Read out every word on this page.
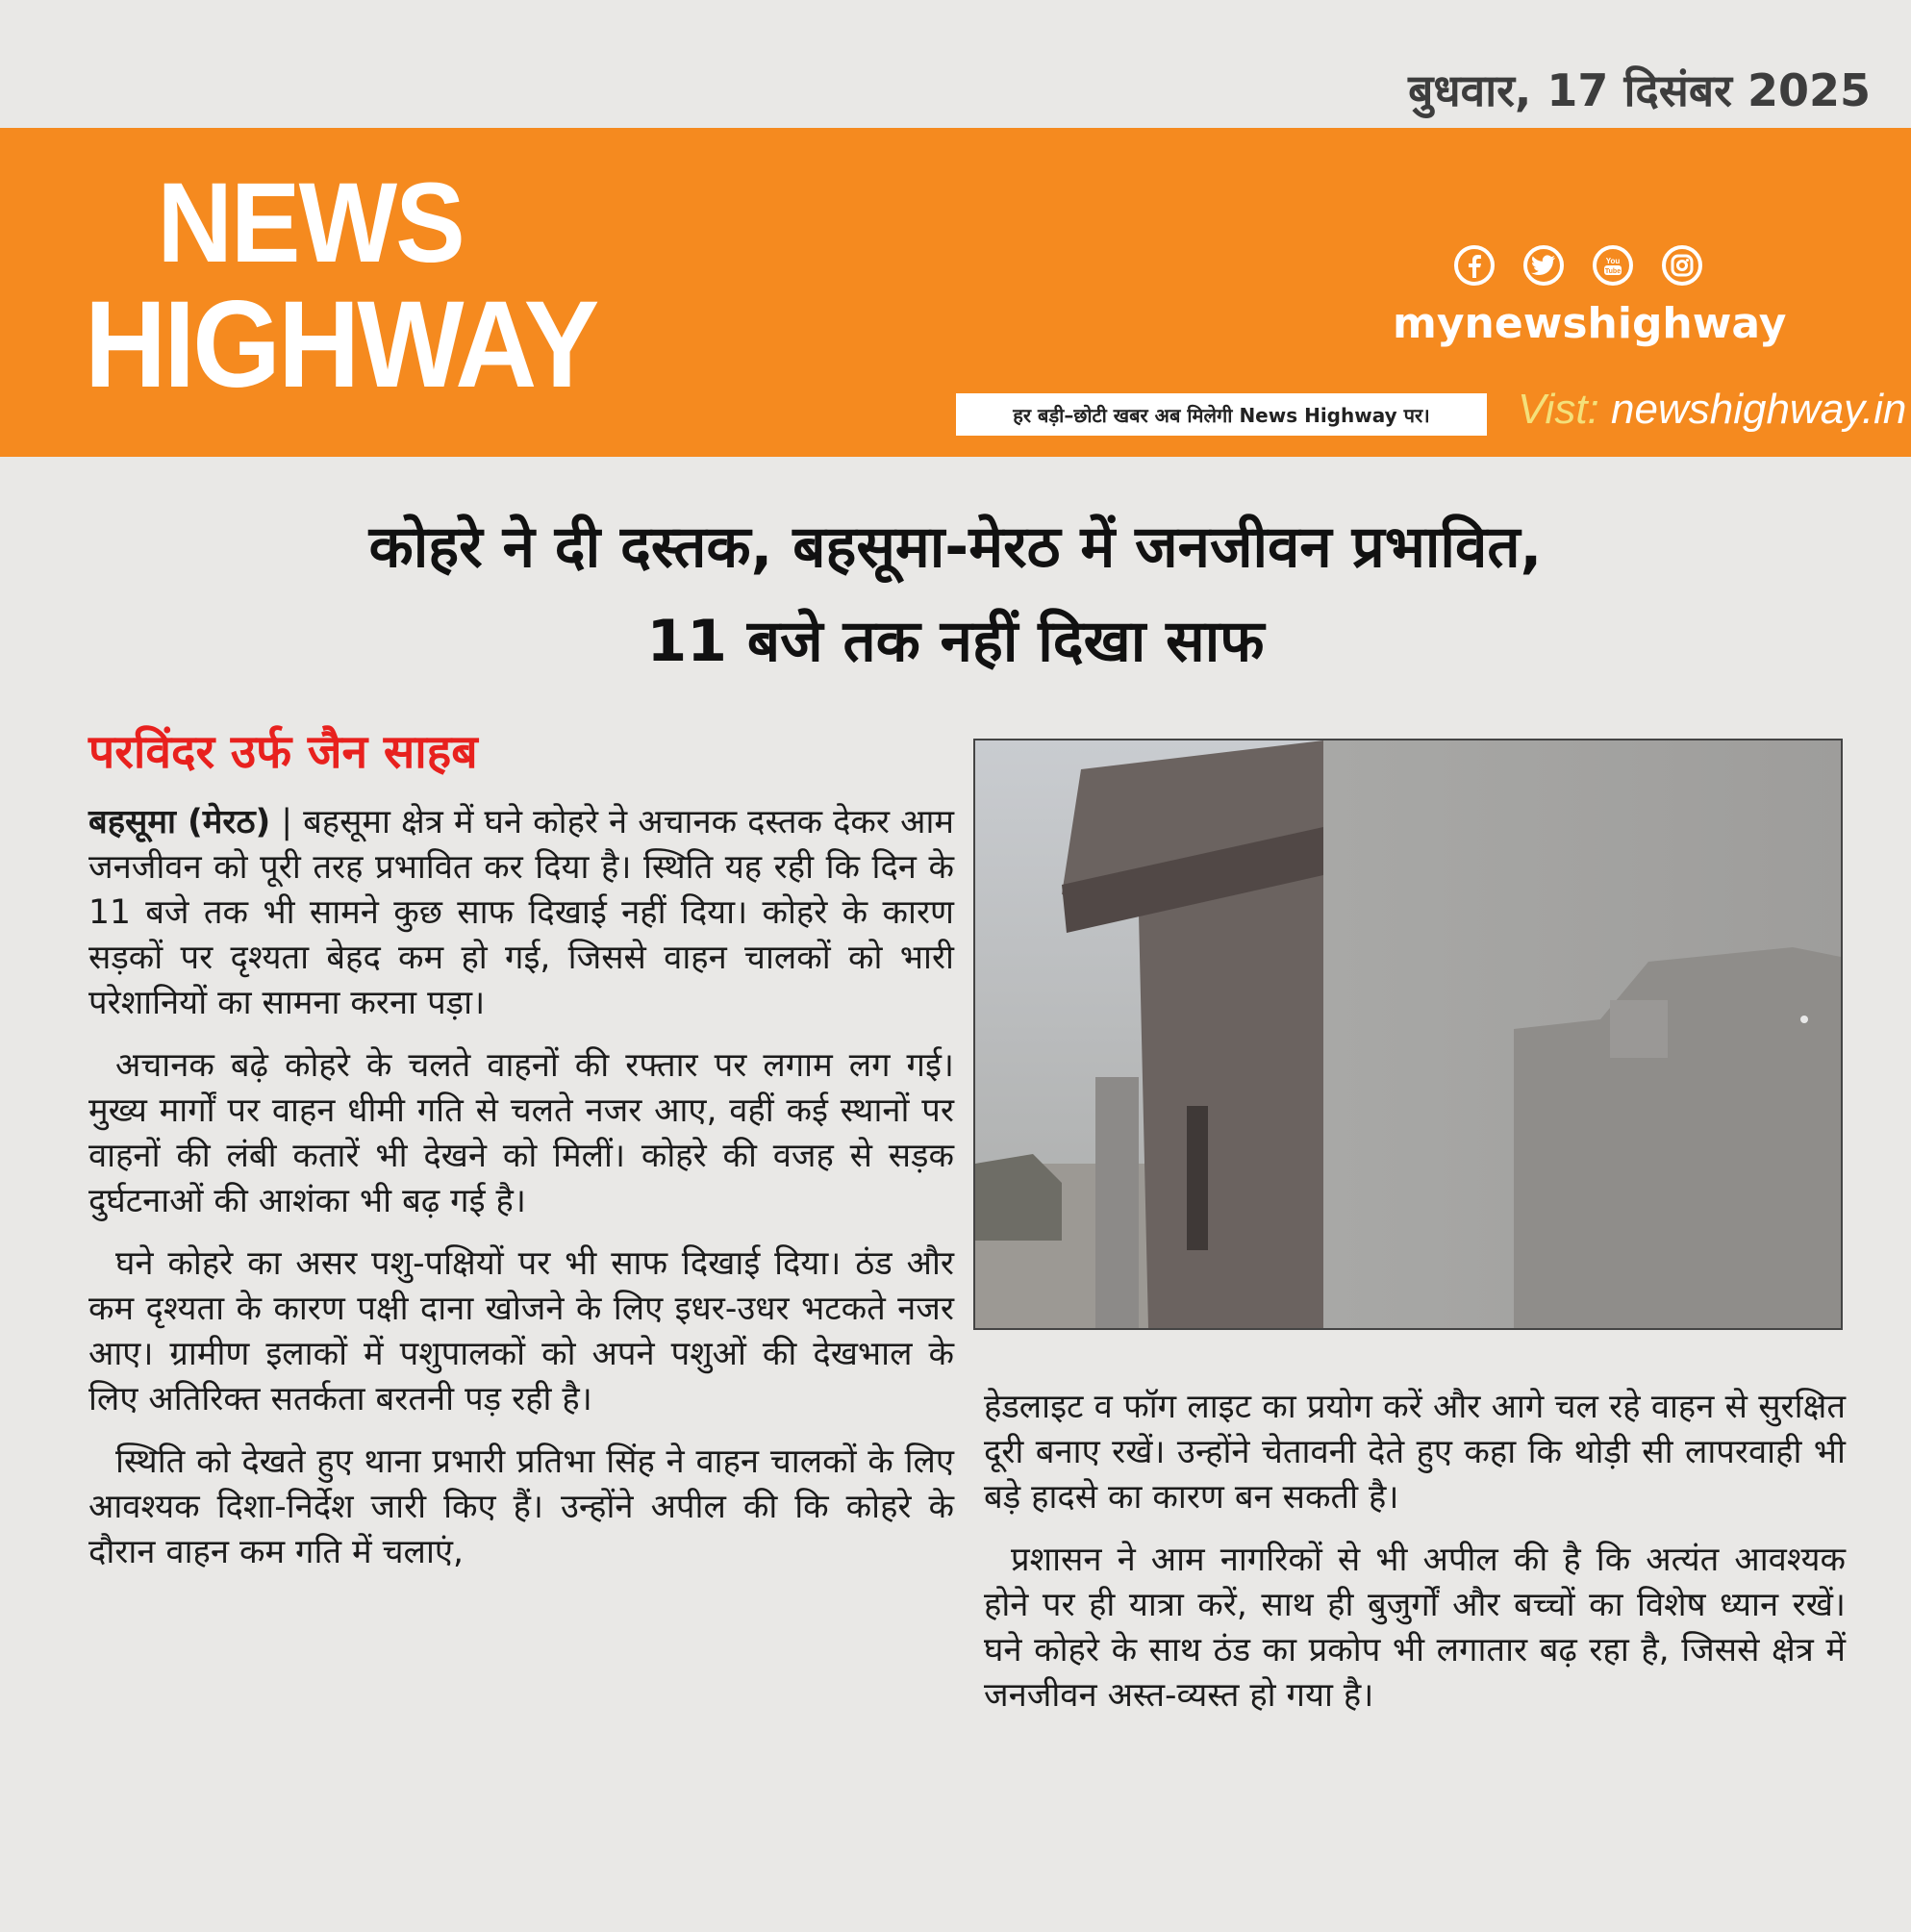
बुधवार, 17 दिसंबर 2025
NEWS
HIGHWAY
You
Tube
mynewshighway
हर बड़ी–छोटी खबर अब मिलेगी News Highway पर।	Vist: newshighway.in
कोहरे ने दी दस्तक, बहसूमा-मेरठ में जनजीवन प्रभावित,
11 बजे तक नहीं दिखा साफ
परविंदर उर्फ जैन साहब

बहसूमा (मेरठ) | बहसूमा क्षेत्र में घने कोहरे ने अचानक दस्तक देकर आम जनजीवन को पूरी तरह प्रभावित कर दिया है। स्थिति यह रही कि दिन के 11 बजे तक भी सामने कुछ साफ दिखाई नहीं दिया। कोहरे के कारण सड़कों पर दृश्यता बेहद कम हो गई, जिससे वाहन चालकों को भारी परेशानियों का सामना करना पड़ा।

अचानक बढ़े कोहरे के चलते वाहनों की रफ्तार पर लगाम लग गई। मुख्य मार्गों पर वाहन धीमी गति से चलते नजर आए, वहीं कई स्थानों पर वाहनों की लंबी कतारें भी देखने को मिलीं। कोहरे की वजह से सड़क दुर्घटनाओं की आशंका भी बढ़ गई है।

घने कोहरे का असर पशु-पक्षियों पर भी साफ दिखाई दिया। ठंड और कम दृश्यता के कारण पक्षी दाना खोजने के लिए इधर-उधर भटकते नजर आए। ग्रामीण इलाकों में पशुपालकों को अपने पशुओं की देखभाल के लिए अतिरिक्त सतर्कता बरतनी पड़ रही है।

स्थिति को देखते हुए थाना प्रभारी प्रतिभा सिंह ने वाहन चालकों के लिए आवश्यक दिशा-निर्देश जारी किए हैं। उन्होंने अपील की कि कोहरे के दौरान वाहन कम गति में चलाएं,

हेडलाइट व फॉग लाइट का प्रयोग करें और आगे चल रहे वाहन से सुरक्षित दूरी बनाए रखें। उन्होंने चेतावनी देते हुए कहा कि थोड़ी सी लापरवाही भी बड़े हादसे का कारण बन सकती है।

प्रशासन ने आम नागरिकों से भी अपील की है कि अत्यंत आवश्यक होने पर ही यात्रा करें, साथ ही बुजुर्गों और बच्चों का विशेष ध्यान रखें। घने कोहरे के साथ ठंड का प्रकोप भी लगातार बढ़ रहा है, जिससे क्षेत्र में जनजीवन अस्त-व्यस्त हो गया है।
